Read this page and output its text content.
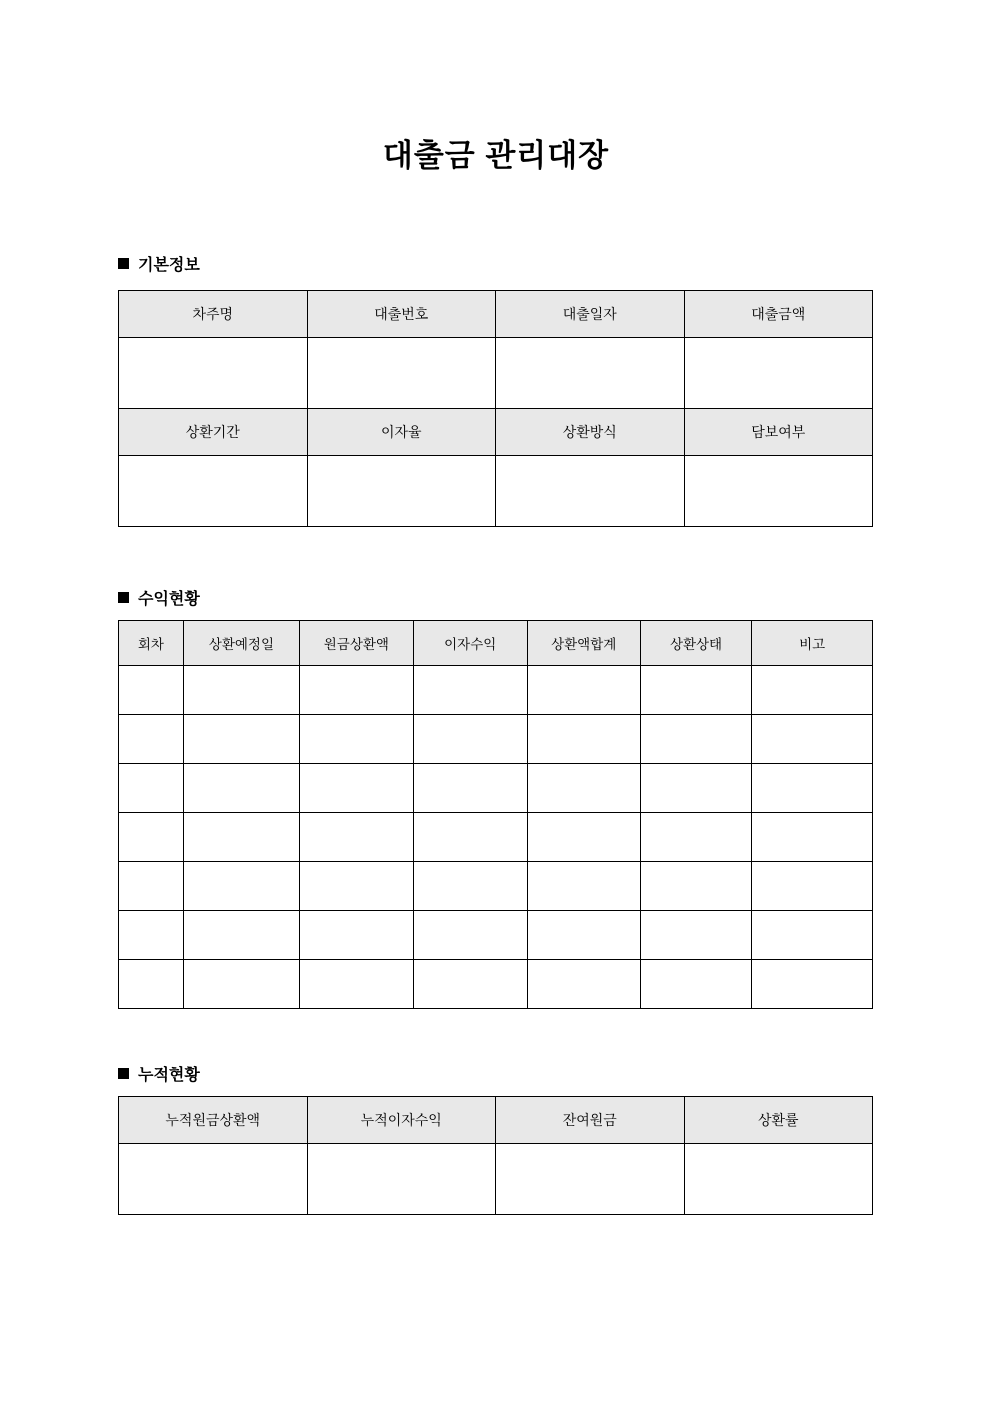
대출금 관리대장
기본정보
차주명	대출번호	대출일자	대출금액

상환기간	이자율	상환방식	담보여부

수익현황
회차	상환예정일	원금상환액	이자수익	상환액합계	상환상태	비고

누적현황
누적원금상환액	누적이자수익	잔여원금	상환률
